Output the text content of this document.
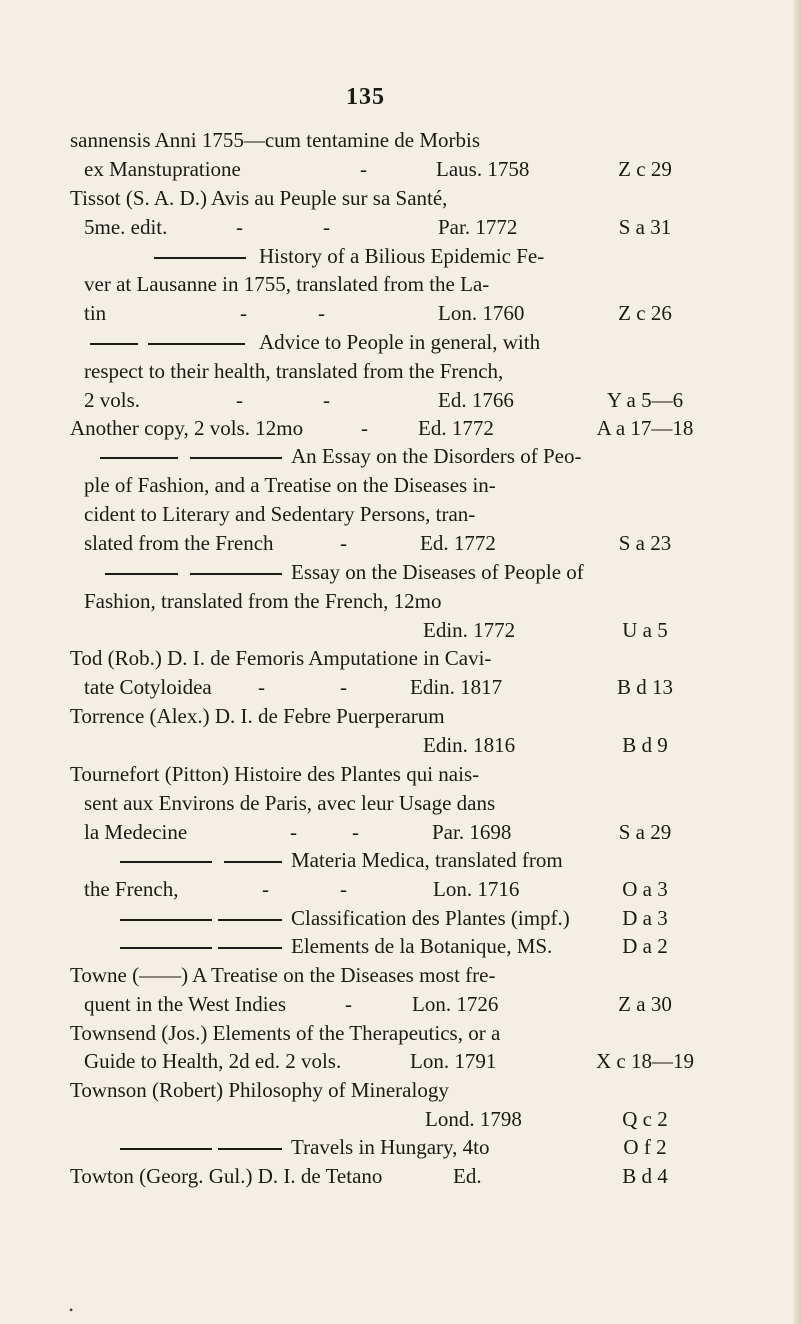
135
sannensis Anni 1755—cum tentamine de Morbis
ex Manstupratione	-	Laus. 1758	Z c 29
Tissot (S. A. D.) Avis au Peuple sur sa Santé,
5me. edit.	-	-	Par. 1772	S a 31
History of a Bilious Epidemic Fe-
ver at Lausanne in 1755, translated from the La-
tin	-	-	Lon. 1760	Z c 26
Advice to People in general, with
respect to their health, translated from the French,
2 vols.	-	-	Ed. 1766	Y a 5—6
Another copy, 2 vols. 12mo	- Ed. 1772	A a 17—18
An Essay on the Disorders of Peo-
ple of Fashion, and a Treatise on the Diseases in-
cident to Literary and Sedentary Persons, tran-
slated from the French	-	Ed. 1772	S a 23
Essay on the Diseases of People of
Fashion, translated from the French, 12mo
Edin. 1772	U a 5
Tod (Rob.) D. I. de Femoris Amputatione in Cavi-
tate Cotyloidea -	-	Edin. 1817	B d 13
Torrence (Alex.) D. I. de Febre Puerperarum
Edin. 1816	B d 9
Tournefort (Pitton) Histoire des Plantes qui nais-
sent aux Environs de Paris, avec leur Usage dans
la Medecine	-	-	Par. 1698	S a 29
Materia Medica, translated from
the French,	-	-	Lon. 1716	O a 3
Classification des Plantes (impf.)	D a 3
Elements de la Botanique, MS.	D a 2
Towne (——) A Treatise on the Diseases most fre-
quent in the West Indies	-	Lon. 1726	Z a 30
Townsend (Jos.) Elements of the Therapeutics, or a
Guide to Health, 2d ed. 2 vols.	Lon. 1791	X c 18—19
Townson (Robert) Philosophy of Mineralogy
Lond. 1798	Q c 2
Travels in Hungary, 4to	O f 2
Towton (Georg. Gul.) D. I. de Tetano	Ed.	B d 4
•
